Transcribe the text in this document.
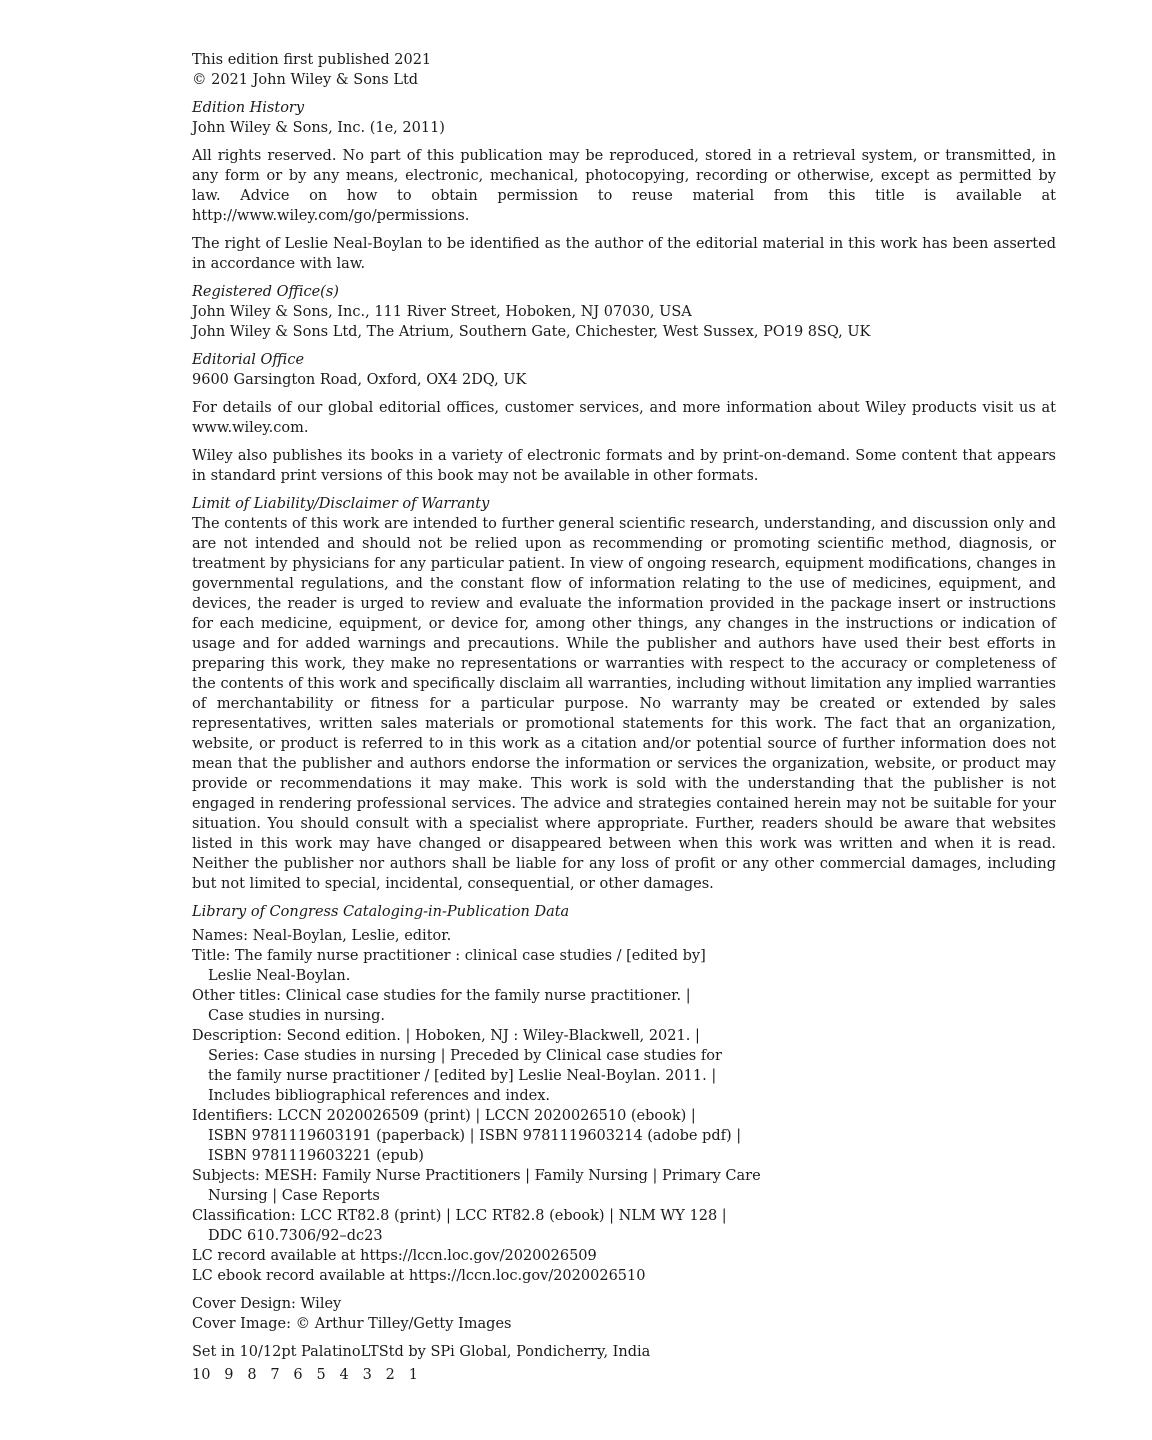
This edition first published 2021
© 2021 John Wiley & Sons Ltd
Edition History
John Wiley & Sons, Inc. (1e, 2011)
All rights reserved. No part of this publication may be reproduced, stored in a retrieval system, or transmitted, in any form or by any means, electronic, mechanical, photocopying, recording or otherwise, except as permitted by law. Advice on how to obtain permission to reuse material from this title is available at http://www.wiley.com/go/permissions.
The right of Leslie Neal-Boylan to be identified as the author of the editorial material in this work has been asserted in accordance with law.
Registered Office(s)
John Wiley & Sons, Inc., 111 River Street, Hoboken, NJ 07030, USA
John Wiley & Sons Ltd, The Atrium, Southern Gate, Chichester, West Sussex, PO19 8SQ, UK
Editorial Office
9600 Garsington Road, Oxford, OX4 2DQ, UK
For details of our global editorial offices, customer services, and more information about Wiley products visit us at www.wiley.com.
Wiley also publishes its books in a variety of electronic formats and by print-on-demand. Some content that appears in standard print versions of this book may not be available in other formats.
Limit of Liability/Disclaimer of Warranty
The contents of this work are intended to further general scientific research, understanding, and discussion only and are not intended and should not be relied upon as recommending or promoting scientific method, diagnosis, or treatment by physicians for any particular patient. In view of ongoing research, equipment modifications, changes in governmental regulations, and the constant flow of information relating to the use of medicines, equipment, and devices, the reader is urged to review and evaluate the information provided in the package insert or instructions for each medicine, equipment, or device for, among other things, any changes in the instructions or indication of usage and for added warnings and precautions. While the publisher and authors have used their best efforts in preparing this work, they make no representations or warranties with respect to the accuracy or completeness of the contents of this work and specifically disclaim all warranties, including without limitation any implied warranties of merchantability or fitness for a particular purpose. No warranty may be created or extended by sales representatives, written sales materials or promotional statements for this work. The fact that an organization, website, or product is referred to in this work as a citation and/or potential source of further information does not mean that the publisher and authors endorse the information or services the organization, website, or product may provide or recommendations it may make. This work is sold with the understanding that the publisher is not engaged in rendering professional services. The advice and strategies contained herein may not be suitable for your situation. You should consult with a specialist where appropriate. Further, readers should be aware that websites listed in this work may have changed or disappeared between when this work was written and when it is read. Neither the publisher nor authors shall be liable for any loss of profit or any other commercial damages, including but not limited to special, incidental, consequential, or other damages.
Library of Congress Cataloging-in-Publication Data
Names: Neal-Boylan, Leslie, editor.
Title: The family nurse practitioner : clinical case studies / [edited by]
Leslie Neal-Boylan.
Other titles: Clinical case studies for the family nurse practitioner. |
Case studies in nursing.
Description: Second edition. | Hoboken, NJ : Wiley-Blackwell, 2021. |
Series: Case studies in nursing | Preceded by Clinical case studies for
the family nurse practitioner / [edited by] Leslie Neal-Boylan. 2011. |
Includes bibliographical references and index.
Identifiers: LCCN 2020026509 (print) | LCCN 2020026510 (ebook) |
ISBN 9781119603191 (paperback) | ISBN 9781119603214 (adobe pdf) |
ISBN 9781119603221 (epub)
Subjects: MESH: Family Nurse Practitioners | Family Nursing | Primary Care
Nursing | Case Reports
Classification: LCC RT82.8 (print) | LCC RT82.8 (ebook) | NLM WY 128 |
DDC 610.7306/92–dc23
LC record available at https://lccn.loc.gov/2020026509
LC ebook record available at https://lccn.loc.gov/2020026510
Cover Design: Wiley
Cover Image: © Arthur Tilley/Getty Images
Set in 10/12pt PalatinoLTStd by SPi Global, Pondicherry, India
10   9   8   7   6   5   4   3   2   1
